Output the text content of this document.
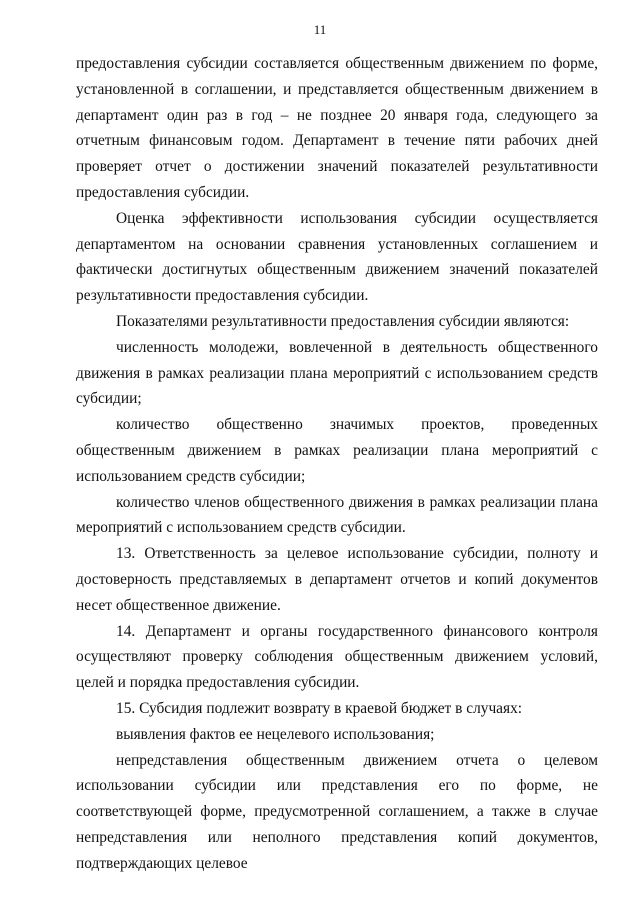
11

предоставления субсидии составляется общественным движением по форме, установленной в соглашении, и представляется общественным движением в департамент один раз в год – не позднее 20 января года, следующего за отчетным финансовым годом. Департамент в течение пяти рабочих дней проверяет отчет о достижении значений показателей результативности предоставления субсидии.

Оценка эффективности использования субсидии осуществляется департаментом на основании сравнения установленных соглашением и фактически достигнутых общественным движением значений показателей результативности предоставления субсидии.

Показателями результативности предоставления субсидии являются:

численность молодежи, вовлеченной в деятельность общественного движения в рамках реализации плана мероприятий с использованием средств субсидии;

количество общественно значимых проектов, проведенных общественным движением в рамках реализации плана мероприятий с использованием средств субсидии;

количество членов общественного движения в рамках реализации плана мероприятий с использованием средств субсидии.

13. Ответственность за целевое использование субсидии, полноту и достоверность представляемых в департамент отчетов и копий документов несет общественное движение.

14. Департамент и органы государственного финансового контроля осуществляют проверку соблюдения общественным движением условий, целей и порядка предоставления субсидии.

15. Субсидия подлежит возврату в краевой бюджет в случаях:

выявления фактов ее нецелевого использования;

непредставления общественным движением отчета о целевом использовании субсидии или представления его по форме, не соответствующей форме, предусмотренной соглашением, а также в случае непредставления или неполного представления копий документов, подтверждающих целевое
